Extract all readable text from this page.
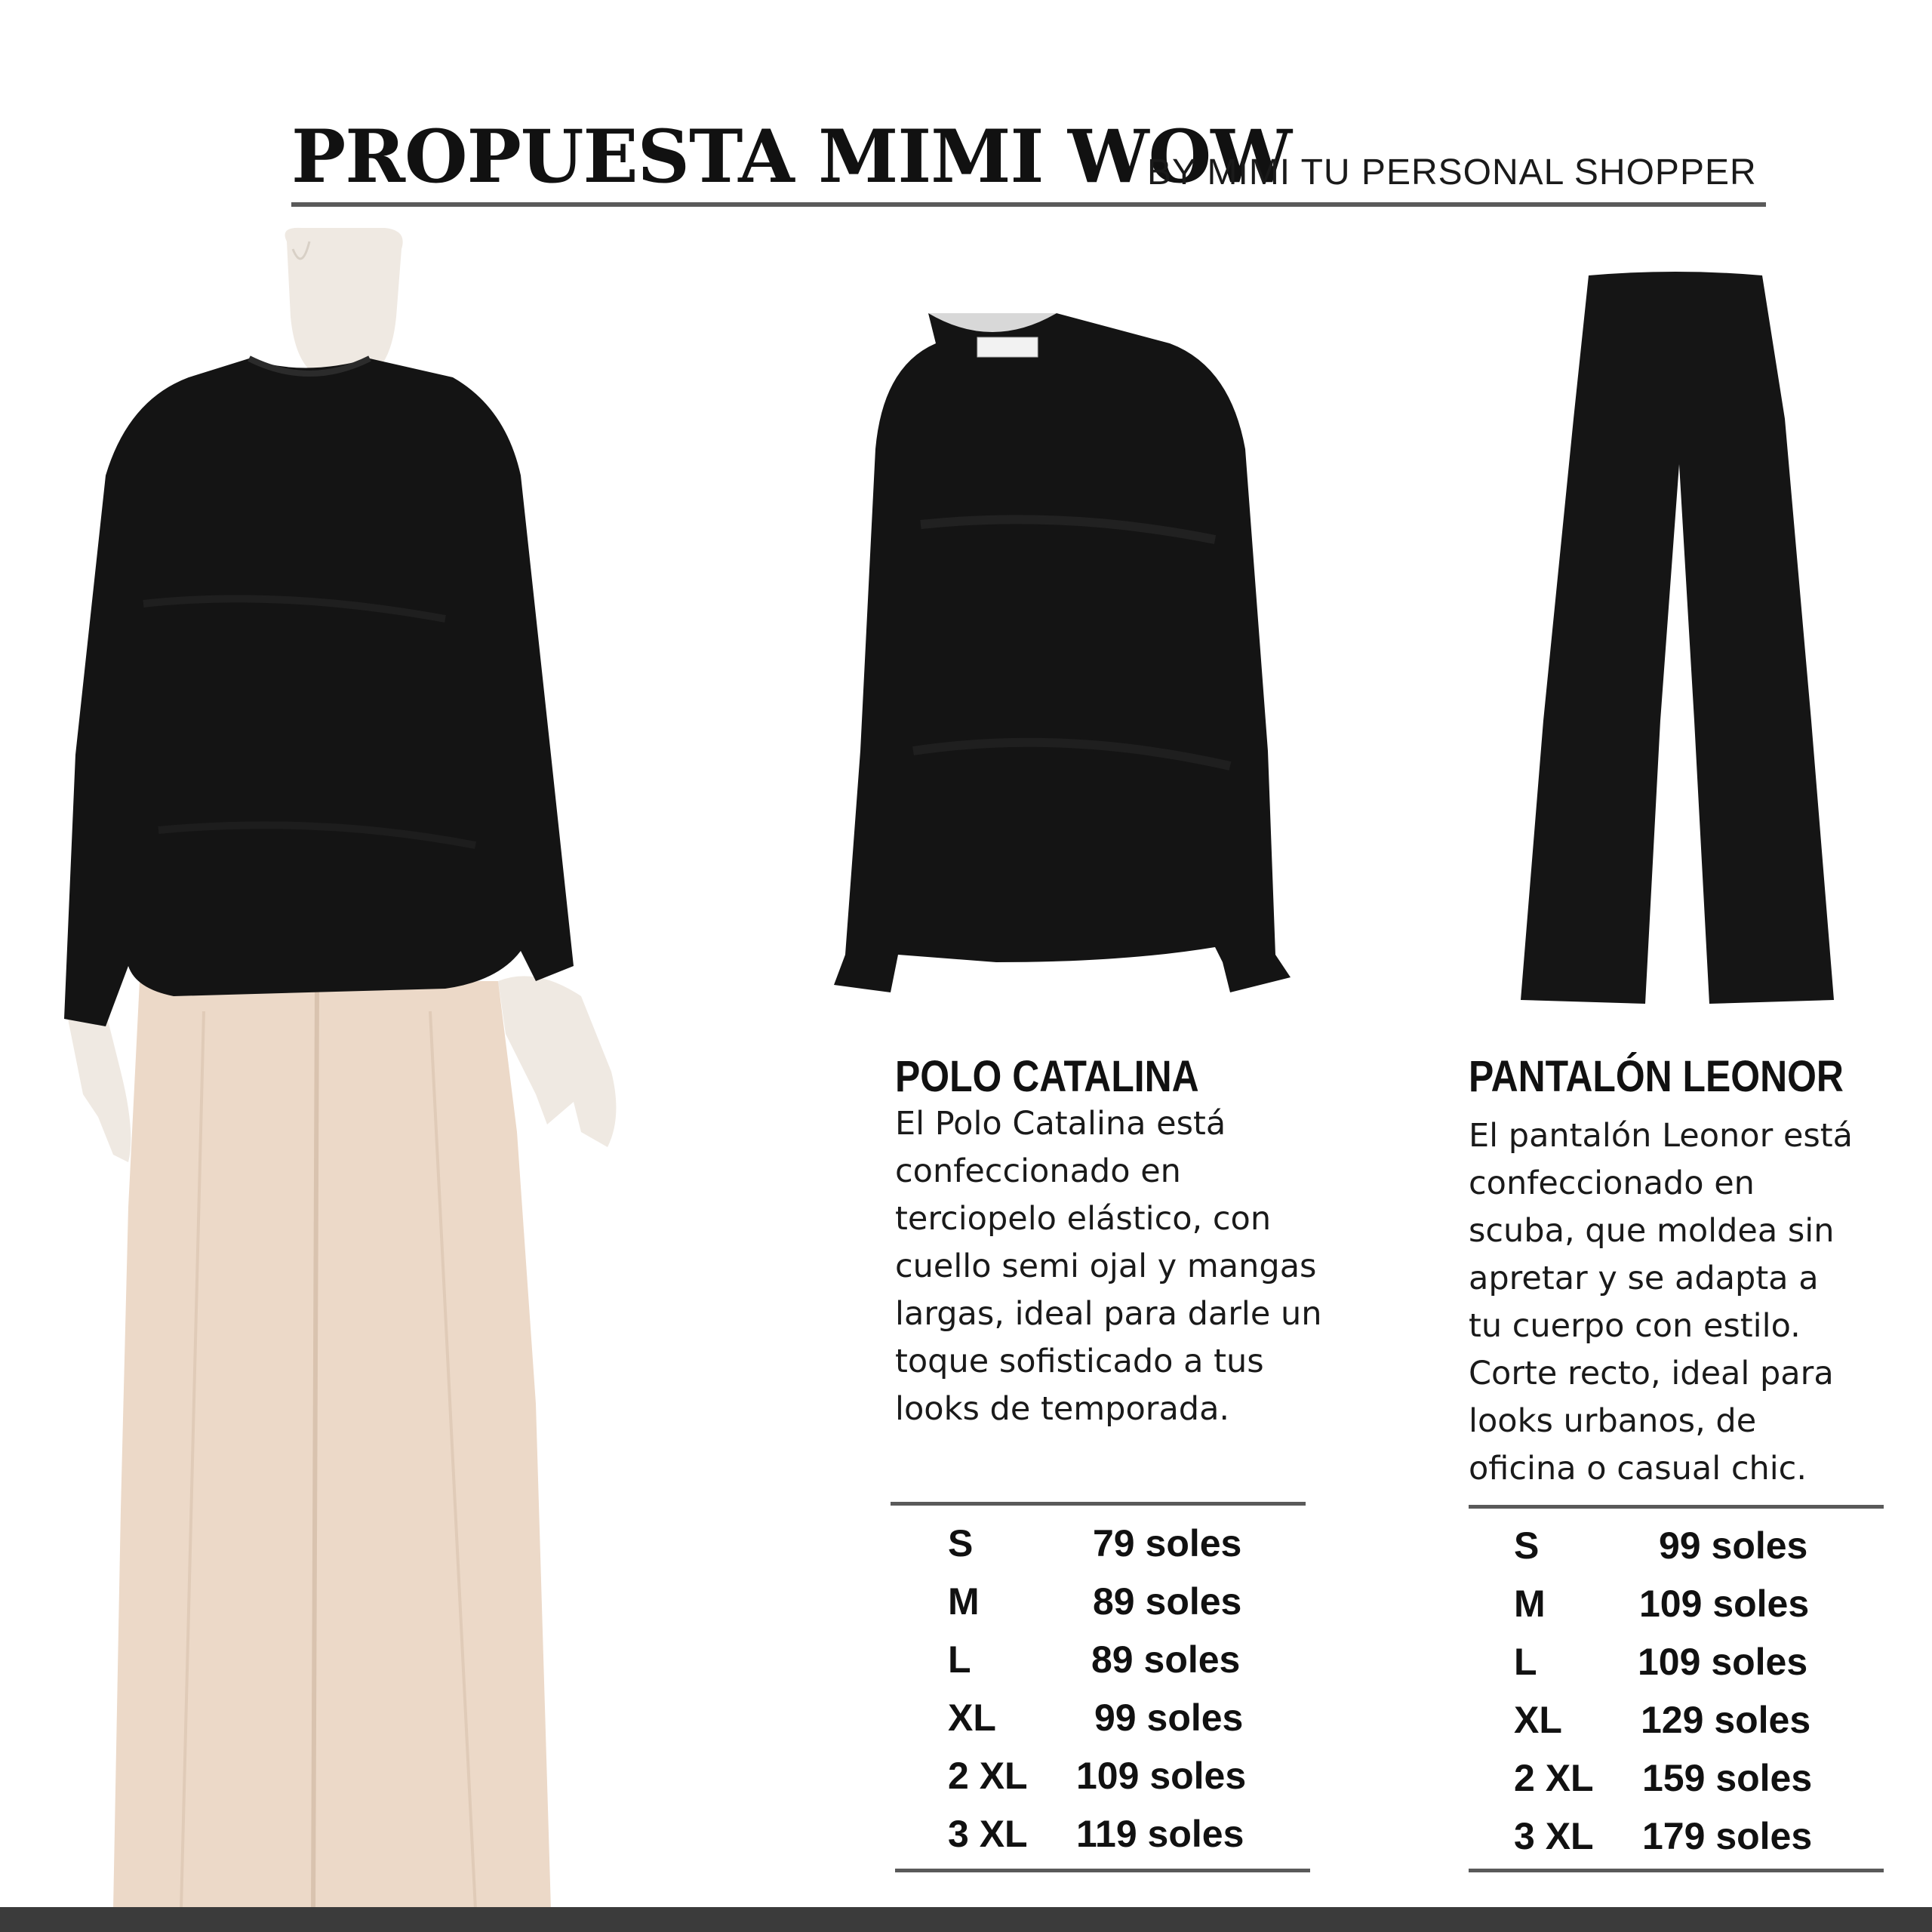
PROPUESTA MIMI WOW
BY MIMI TU PERSONAL SHOPPER
POLO CATALINA
El Polo Catalina está
confeccionado en
terciopelo elástico, con
cuello semi ojal y mangas
largas, ideal para darle un
toque sofisticado a tus
looks de temporada.
S	79 soles
M	89 soles
L	89 soles
XL	99 soles
2 XL 109 soles
3 XL 119 soles
PANTALÓN LEONOR
El pantalón Leonor está
confeccionado en
scuba, que moldea sin
apretar y se adapta a
tu cuerpo con estilo.
Corte recto, ideal para
looks urbanos, de
oficina o casual chic.
S	99 soles
M 109 soles
L	109 soles
XL 129 soles
2 XL 159 soles
3 XL 179 soles
